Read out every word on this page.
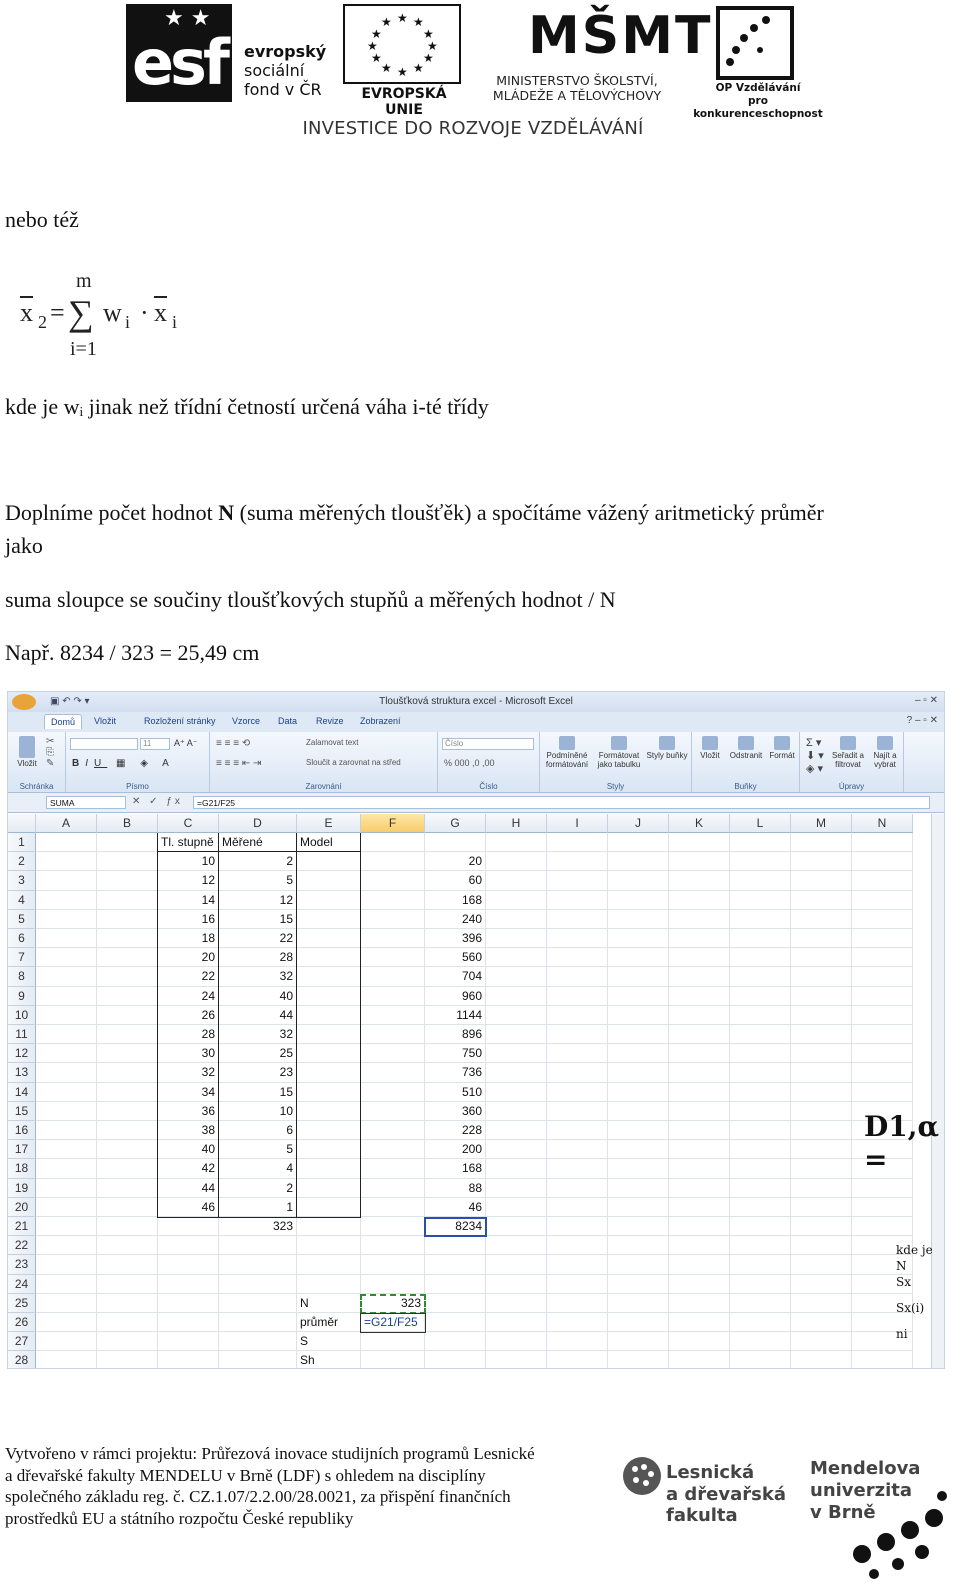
★ ★
esf evropský
sociální
fond v ČR
★ ★
★
★
★
★
★
★
★
★
★
★
EVROPSKÁ UNIE
MŠMT
MINISTERSTVO ŠKOLSTVÍ,
MLÁDEŽE A TĚLOVÝCHOVY	OP Vzdělávání
pro konkurenceschopnost
INVESTICE DO ROZVOJE VZDĚLÁVÁNÍ
nebo též
m
$\overline{x}$ 2 = ∑ w $i \cdot \overline{x}$ i
i=1
kde je wᵢ jinak než třídní četností určená váha i-té třídy
Doplníme počet hodnot N (suma měřených tloušťěk) a spočítáme vážený aritmetický průměr
jako
suma sloupce se součiny tloušťkových stupňů a měřených hodnot / N
Např. 8234 / 323 = 25,49 cm
▣ ↶ ↷ ▾	Tloušťková struktura excel - Microsoft Excel	– ▫ ✕
Domů	Vložit	Rozložení stránky Vzorce Data Revize Zobrazení	? – ▫ ✕
Vložit
✂
⎘
✎
Schránka
11	A⁺ A⁻
BIU ▦ ◈ A
Písmo
≡ ≡ ≡ ⟲
≡ ≡ ≡ ⇤ ⇥
Zalamovat text
Sloučit a zarovnat na střed
Zarovnání
Číslo
% 000 ,0 ,00
Číslo
Podmíněné formátování
Formátovat jako tabulku
Styly buňky
Styly
Vložit	Odstranit Formát
Buňky
Σ ▾
⬇ ▾
◈ ▾
Seřadit a filtrovat
Najít a vybrat
Úpravy
SUMA	✕ ✓ ƒx	=G21/F25
A	B	C	D	E	F	G	H	I	J	K	L	M	N
1
2
3
4
5
6
7
8
9
10
11
12
13
14
15
16
17
18
19
20
21
22
23
24
25
26
27
28
Tl. stupně Měřené	Model
10	2	20
12	5	60
14	12	168
16	15	240
18	22	396
20	28	560
22	32	704
24	40	960
26	44	1144
28	32	896
30	25	750
32	23	736
34	15	510
36	10	360
38	6	228
40	5	200
42	4	168
44	2	88
46	1	46
323	8234
N	323
průměr	=G21/F25
S
Sh
kde je
N
Sx
Sx(i)
ni
D1,α =
Vytvořeno v rámci projektu: Průřezová inovace studijních programů Lesnické
a dřevařské fakulty MENDELU v Brně (LDF) s ohledem na disciplíny
společného základu reg. č. CZ.1.07/2.2.00/28.0021, za přispění finančních
prostředků EU a státního rozpočtu České republiky
Lesnická
a dřevařská
fakulta
Mendelova
univerzita
v Brně
